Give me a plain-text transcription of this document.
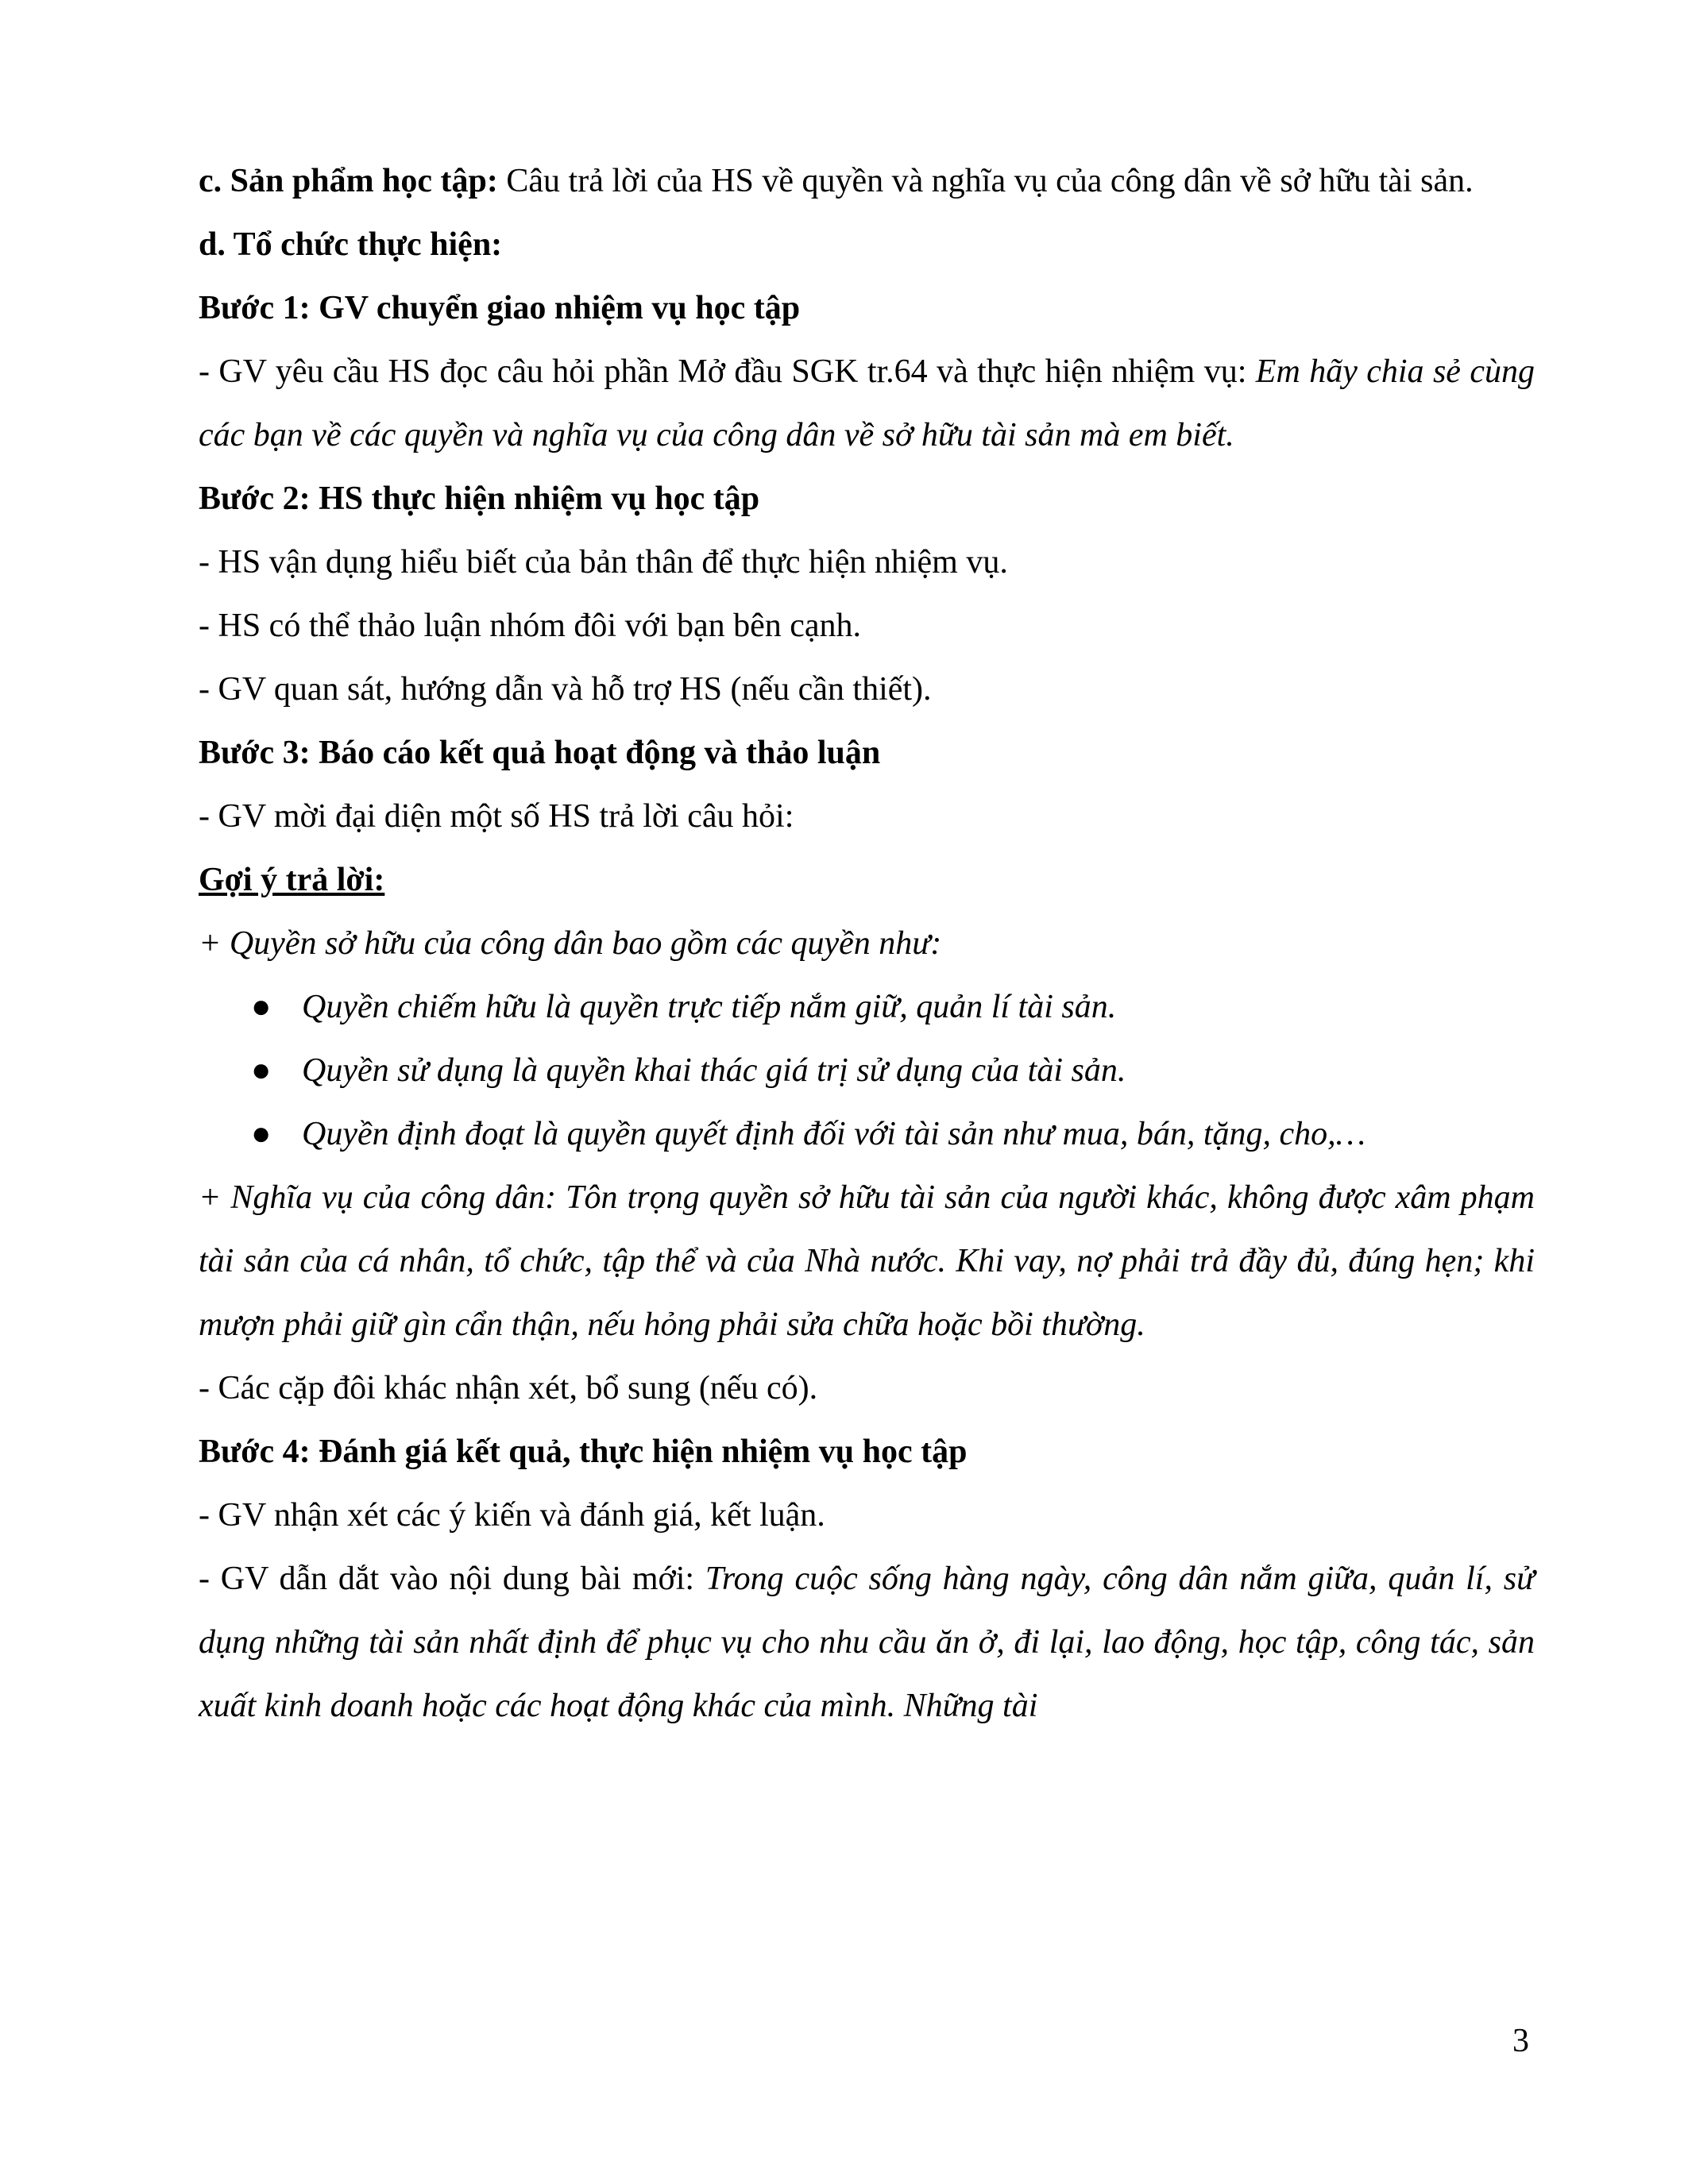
c. Sản phẩm học tập: Câu trả lời của HS về quyền và nghĩa vụ của công dân về sở hữu tài sản.
d. Tổ chức thực hiện:
Bước 1: GV chuyển giao nhiệm vụ học tập
- GV yêu cầu HS đọc câu hỏi phần Mở đầu SGK tr.64 và thực hiện nhiệm vụ: Em hãy chia sẻ cùng các bạn về các quyền và nghĩa vụ của công dân về sở hữu tài sản mà em biết.
Bước 2: HS thực hiện nhiệm vụ học tập
- HS vận dụng hiểu biết của bản thân để thực hiện nhiệm vụ.
- HS có thể thảo luận nhóm đôi với bạn bên cạnh.
- GV quan sát, hướng dẫn và hỗ trợ HS (nếu cần thiết).
Bước 3: Báo cáo kết quả hoạt động và thảo luận
- GV mời đại diện một số HS trả lời câu hỏi:
Gợi ý trả lời:
+ Quyền sở hữu của công dân bao gồm các quyền như:
● Quyền chiếm hữu là quyền trực tiếp nắm giữ, quản lí tài sản.
● Quyền sử dụng là quyền khai thác giá trị sử dụng của tài sản.
● Quyền định đoạt là quyền quyết định đối với tài sản như mua, bán, tặng, cho,…
+ Nghĩa vụ của công dân: Tôn trọng quyền sở hữu tài sản của người khác, không được xâm phạm tài sản của cá nhân, tổ chức, tập thể và của Nhà nước. Khi vay, nợ phải trả đầy đủ, đúng hẹn; khi mượn phải giữ gìn cẩn thận, nếu hỏng phải sửa chữa hoặc bồi thường.
- Các cặp đôi khác nhận xét, bổ sung (nếu có).
Bước 4: Đánh giá kết quả, thực hiện nhiệm vụ học tập
- GV nhận xét các ý kiến và đánh giá, kết luận.
- GV dẫn dắt vào nội dung bài mới: Trong cuộc sống hàng ngày, công dân nắm giữa, quản lí, sử dụng những tài sản nhất định để phục vụ cho nhu cầu ăn ở, đi lại, lao động, học tập, công tác, sản xuất kinh doanh hoặc các hoạt động khác của mình. Những tài
3
